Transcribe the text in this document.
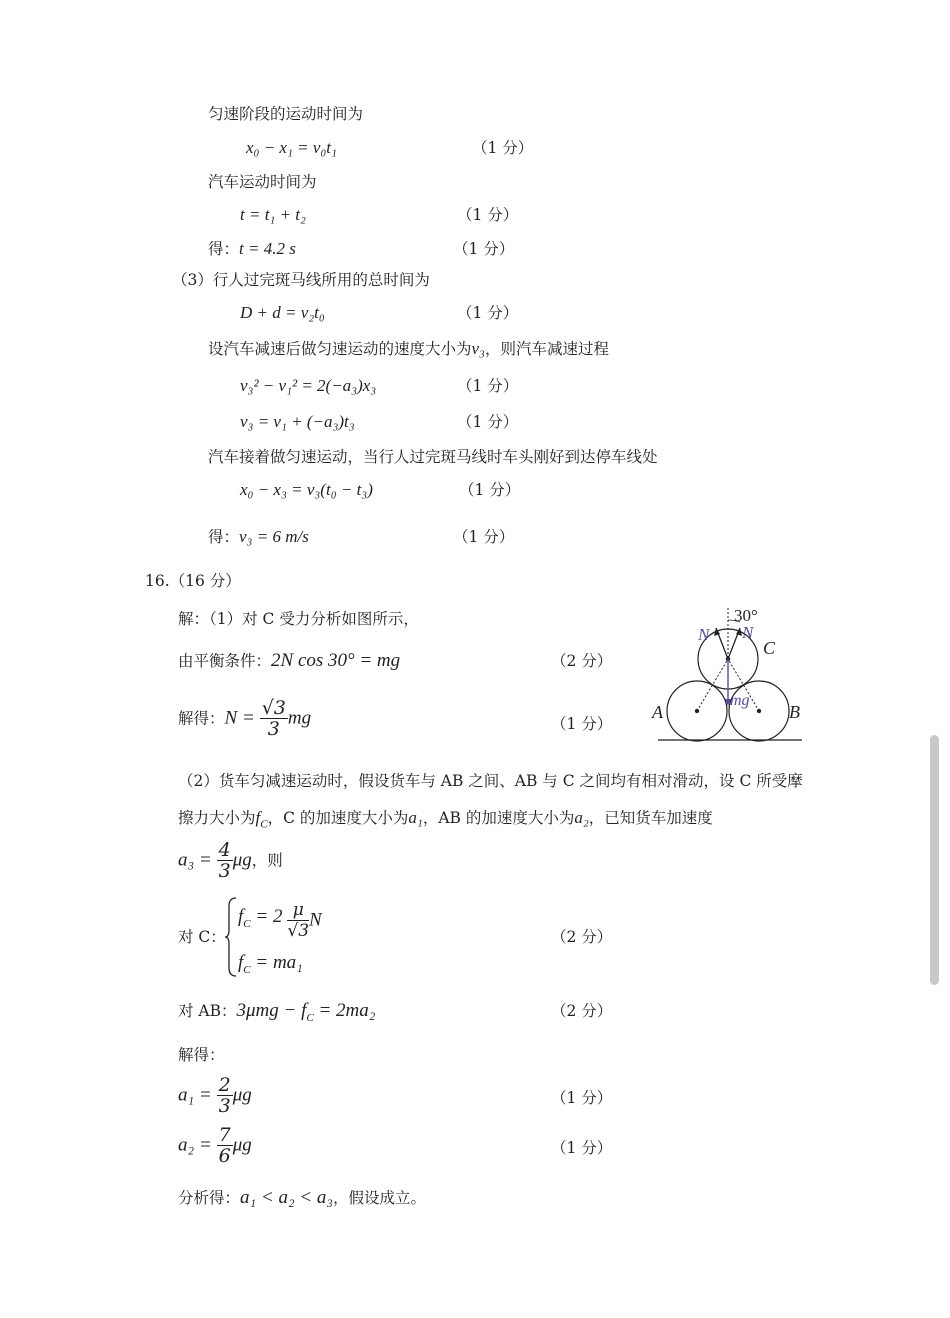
匀速阶段的运动时间为
x₀ − x₁ = v₀t₁	（1 分）
汽车运动时间为
t = t₁ + t₂	（1 分）
得：t = 4.2 s	（1 分）
（3）行人过完斑马线所用的总时间为
D + d = v₂t₀	（1 分）
设汽车减速后做匀速运动的速度大小为v₃，则汽车减速过程
v₃² − v₁² = 2(−a₃)x₃	（1 分）
v₃ = v₁ + (−a₃)t₃	（1 分）
汽车接着做匀速运动，当行人过完斑马线时车头刚好到达停车线处
x₀ − x₃ = v₃(t₀ − t₃)	（1 分）
得：v₃ = 6 m/s	（1 分）
16.（16 分）
解：（1）对 C 受力分析如图所示，
由平衡条件：2N cos 30° = mg	（2 分）
解得：$N = \frac{√3}{3}$ mg	（1 分）
30°
N N
C
A	B
mg
（2）货车匀减速运动时，假设货车与 AB 之间、AB 与 C 之间均有相对滑动，设 C 所受摩
擦力大小为$f_C$，C 的加速度大小为a₁，AB 的加速度大小为a₂，已知货车加速度
$a_3 = \frac{4}{3}$ μg，则
对 C：
$f_C = 2 \frac{\mu}{√3}$ N
$f_C = ma_1$
（2 分）
对 AB：$3\mu mg - f_C = 2ma_2$	（2 分）
解得：
$a_1 = \frac{2}{3}$ μg	（1 分）
$a_2 = \frac{7}{6}$ μg	（1 分）
分析得：a₁ < a₂ < a₃，假设成立。
